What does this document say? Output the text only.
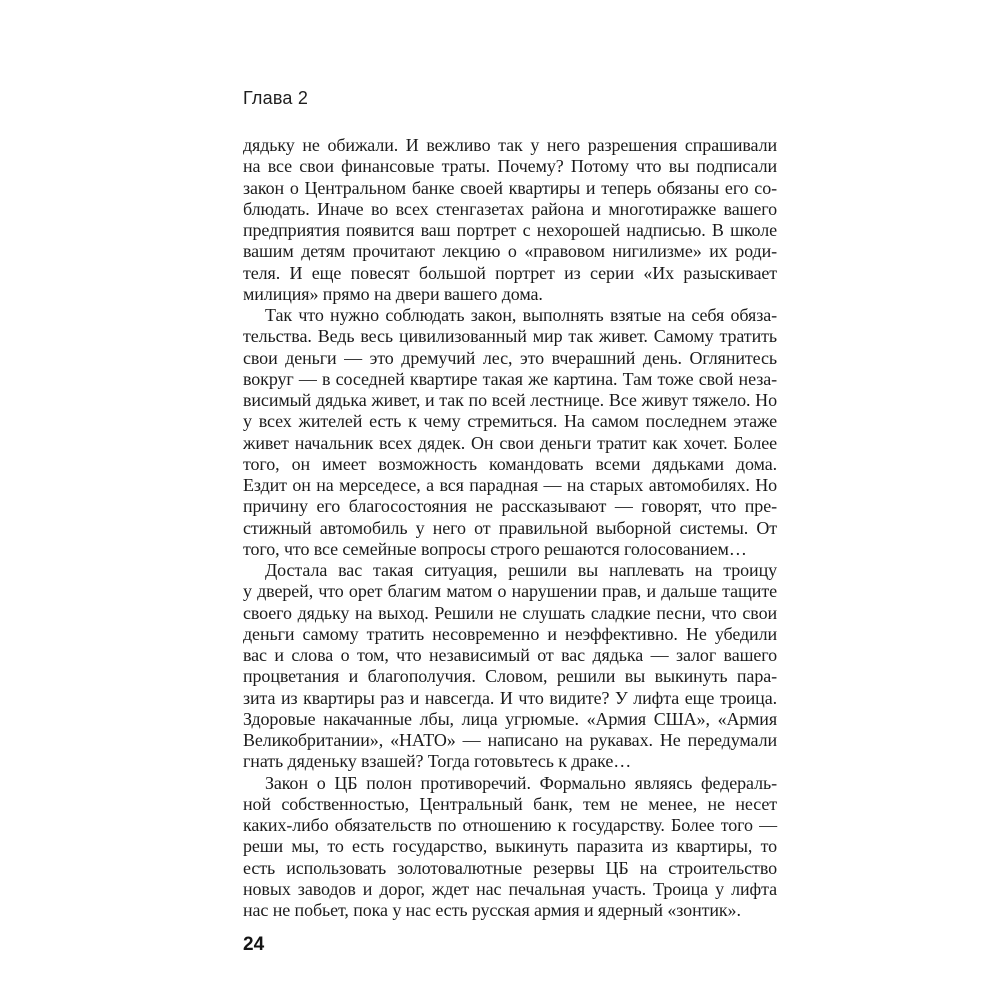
Глава 2

дядьку не обижали. И вежливо так у него разрешения спрашивали
на все свои финансовые траты. Почему? Потому что вы подписали
закон о Центральном банке своей квартиры и теперь обязаны его со-
блюдать. Иначе во всех стенгазетах района и многотиражке вашего
предприятия появится ваш портрет с нехорошей надписью. В школе
вашим детям прочитают лекцию о «правовом нигилизме» их роди-
теля. И еще повесят большой портрет из серии «Их разыскивает
милиция» прямо на двери вашего дома.

Так что нужно соблюдать закон, выполнять взятые на себя обяза-
тельства. Ведь весь цивилизованный мир так живет. Самому тратить
свои деньги — это дремучий лес, это вчерашний день. Оглянитесь
вокруг — в соседней квартире такая же картина. Там тоже свой неза-
висимый дядька живет, и так по всей лестнице. Все живут тяжело. Но
у всех жителей есть к чему стремиться. На самом последнем этаже
живет начальник всех дядек. Он свои деньги тратит как хочет. Более
того, он имеет возможность командовать всеми дядьками дома.
Ездит он на мерседесе, а вся парадная — на старых автомобилях. Но
причину его благосостояния не рассказывают — говорят, что пре-
стижный автомобиль у него от правильной выборной системы. От
того, что все семейные вопросы строго решаются голосованием…

Достала вас такая ситуация, решили вы наплевать на троицу
у дверей, что орет благим матом о нарушении прав, и дальше тащите
своего дядьку на выход. Решили не слушать сладкие песни, что свои
деньги самому тратить несовременно и неэффективно. Не убедили
вас и слова о том, что независимый от вас дядька — залог вашего
процветания и благополучия. Словом, решили вы выкинуть пара-
зита из квартиры раз и навсегда. И что видите? У лифта еще троица.
Здоровые накачанные лбы, лица угрюмые. «Армия США», «Армия
Великобритании», «НАТО» — написано на рукавах. Не передумали
гнать дяденьку взашей? Тогда готовьтесь к драке…

Закон о ЦБ полон противоречий. Формально являясь федераль-
ной собственностью, Центральный банк, тем не менее, не несет
каких-либо обязательств по отношению к государству. Более того —
реши мы, то есть государство, выкинуть паразита из квартиры, то
есть использовать золотовалютные резервы ЦБ на строительство
новых заводов и дорог, ждет нас печальная участь. Троица у лифта
нас не побьет, пока у нас есть русская армия и ядерный «зонтик».

24
